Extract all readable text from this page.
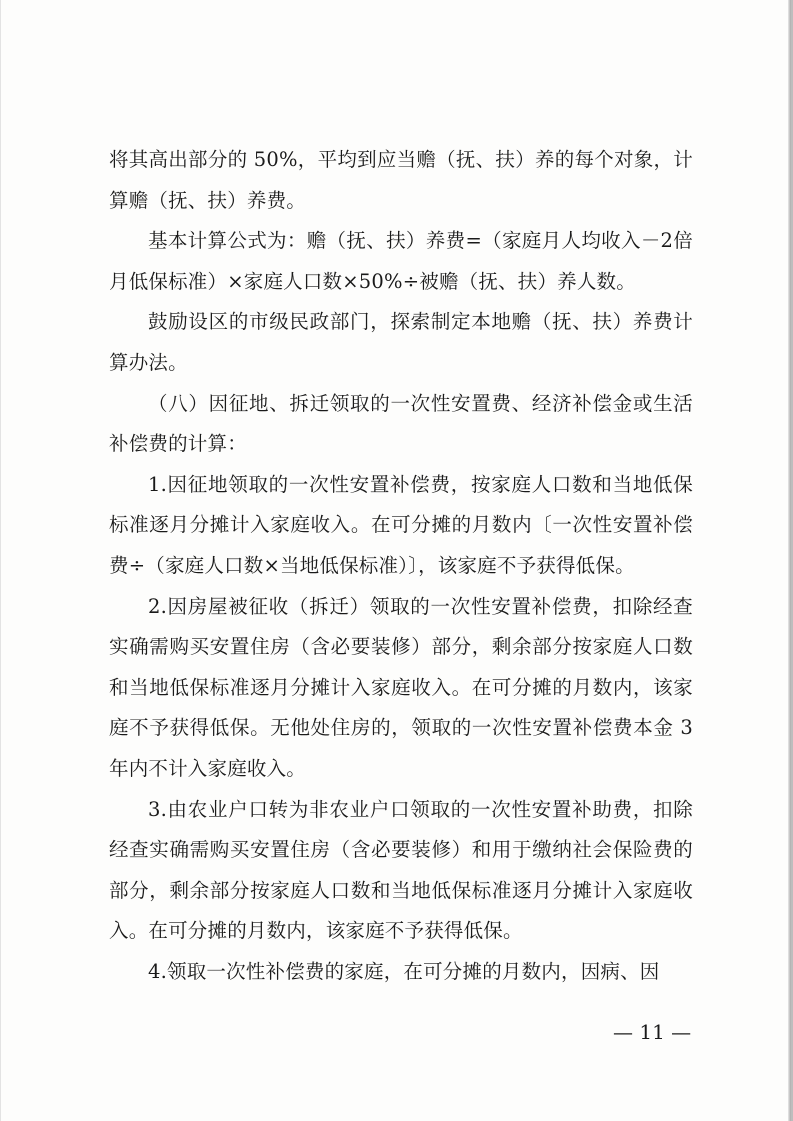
将其高出部分的 50%，平均到应当赡（抚、扶）养的每个对象，计算赡（抚、扶）养费。

基本计算公式为：赡（抚、扶）养费=（家庭月人均收入－2倍月低保标准）×家庭人口数×50%÷被赡（抚、扶）养人数。

鼓励设区的市级民政部门，探索制定本地赡（抚、扶）养费计算办法。

（八）因征地、拆迁领取的一次性安置费、经济补偿金或生活补偿费的计算：

1.因征地领取的一次性安置补偿费，按家庭人口数和当地低保标准逐月分摊计入家庭收入。在可分摊的月数内〔一次性安置补偿费÷（家庭人口数×当地低保标准）〕，该家庭不予获得低保。

2.因房屋被征收（拆迁）领取的一次性安置补偿费，扣除经查实确需购买安置住房（含必要装修）部分，剩余部分按家庭人口数和当地低保标准逐月分摊计入家庭收入。在可分摊的月数内，该家庭不予获得低保。无他处住房的，领取的一次性安置补偿费本金 3 年内不计入家庭收入。

3.由农业户口转为非农业户口领取的一次性安置补助费，扣除经查实确需购买安置住房（含必要装修）和用于缴纳社会保险费的部分，剩余部分按家庭人口数和当地低保标准逐月分摊计入家庭收入。在可分摊的月数内，该家庭不予获得低保。

4.领取一次性补偿费的家庭，在可分摊的月数内，因病、因

— 11 —
